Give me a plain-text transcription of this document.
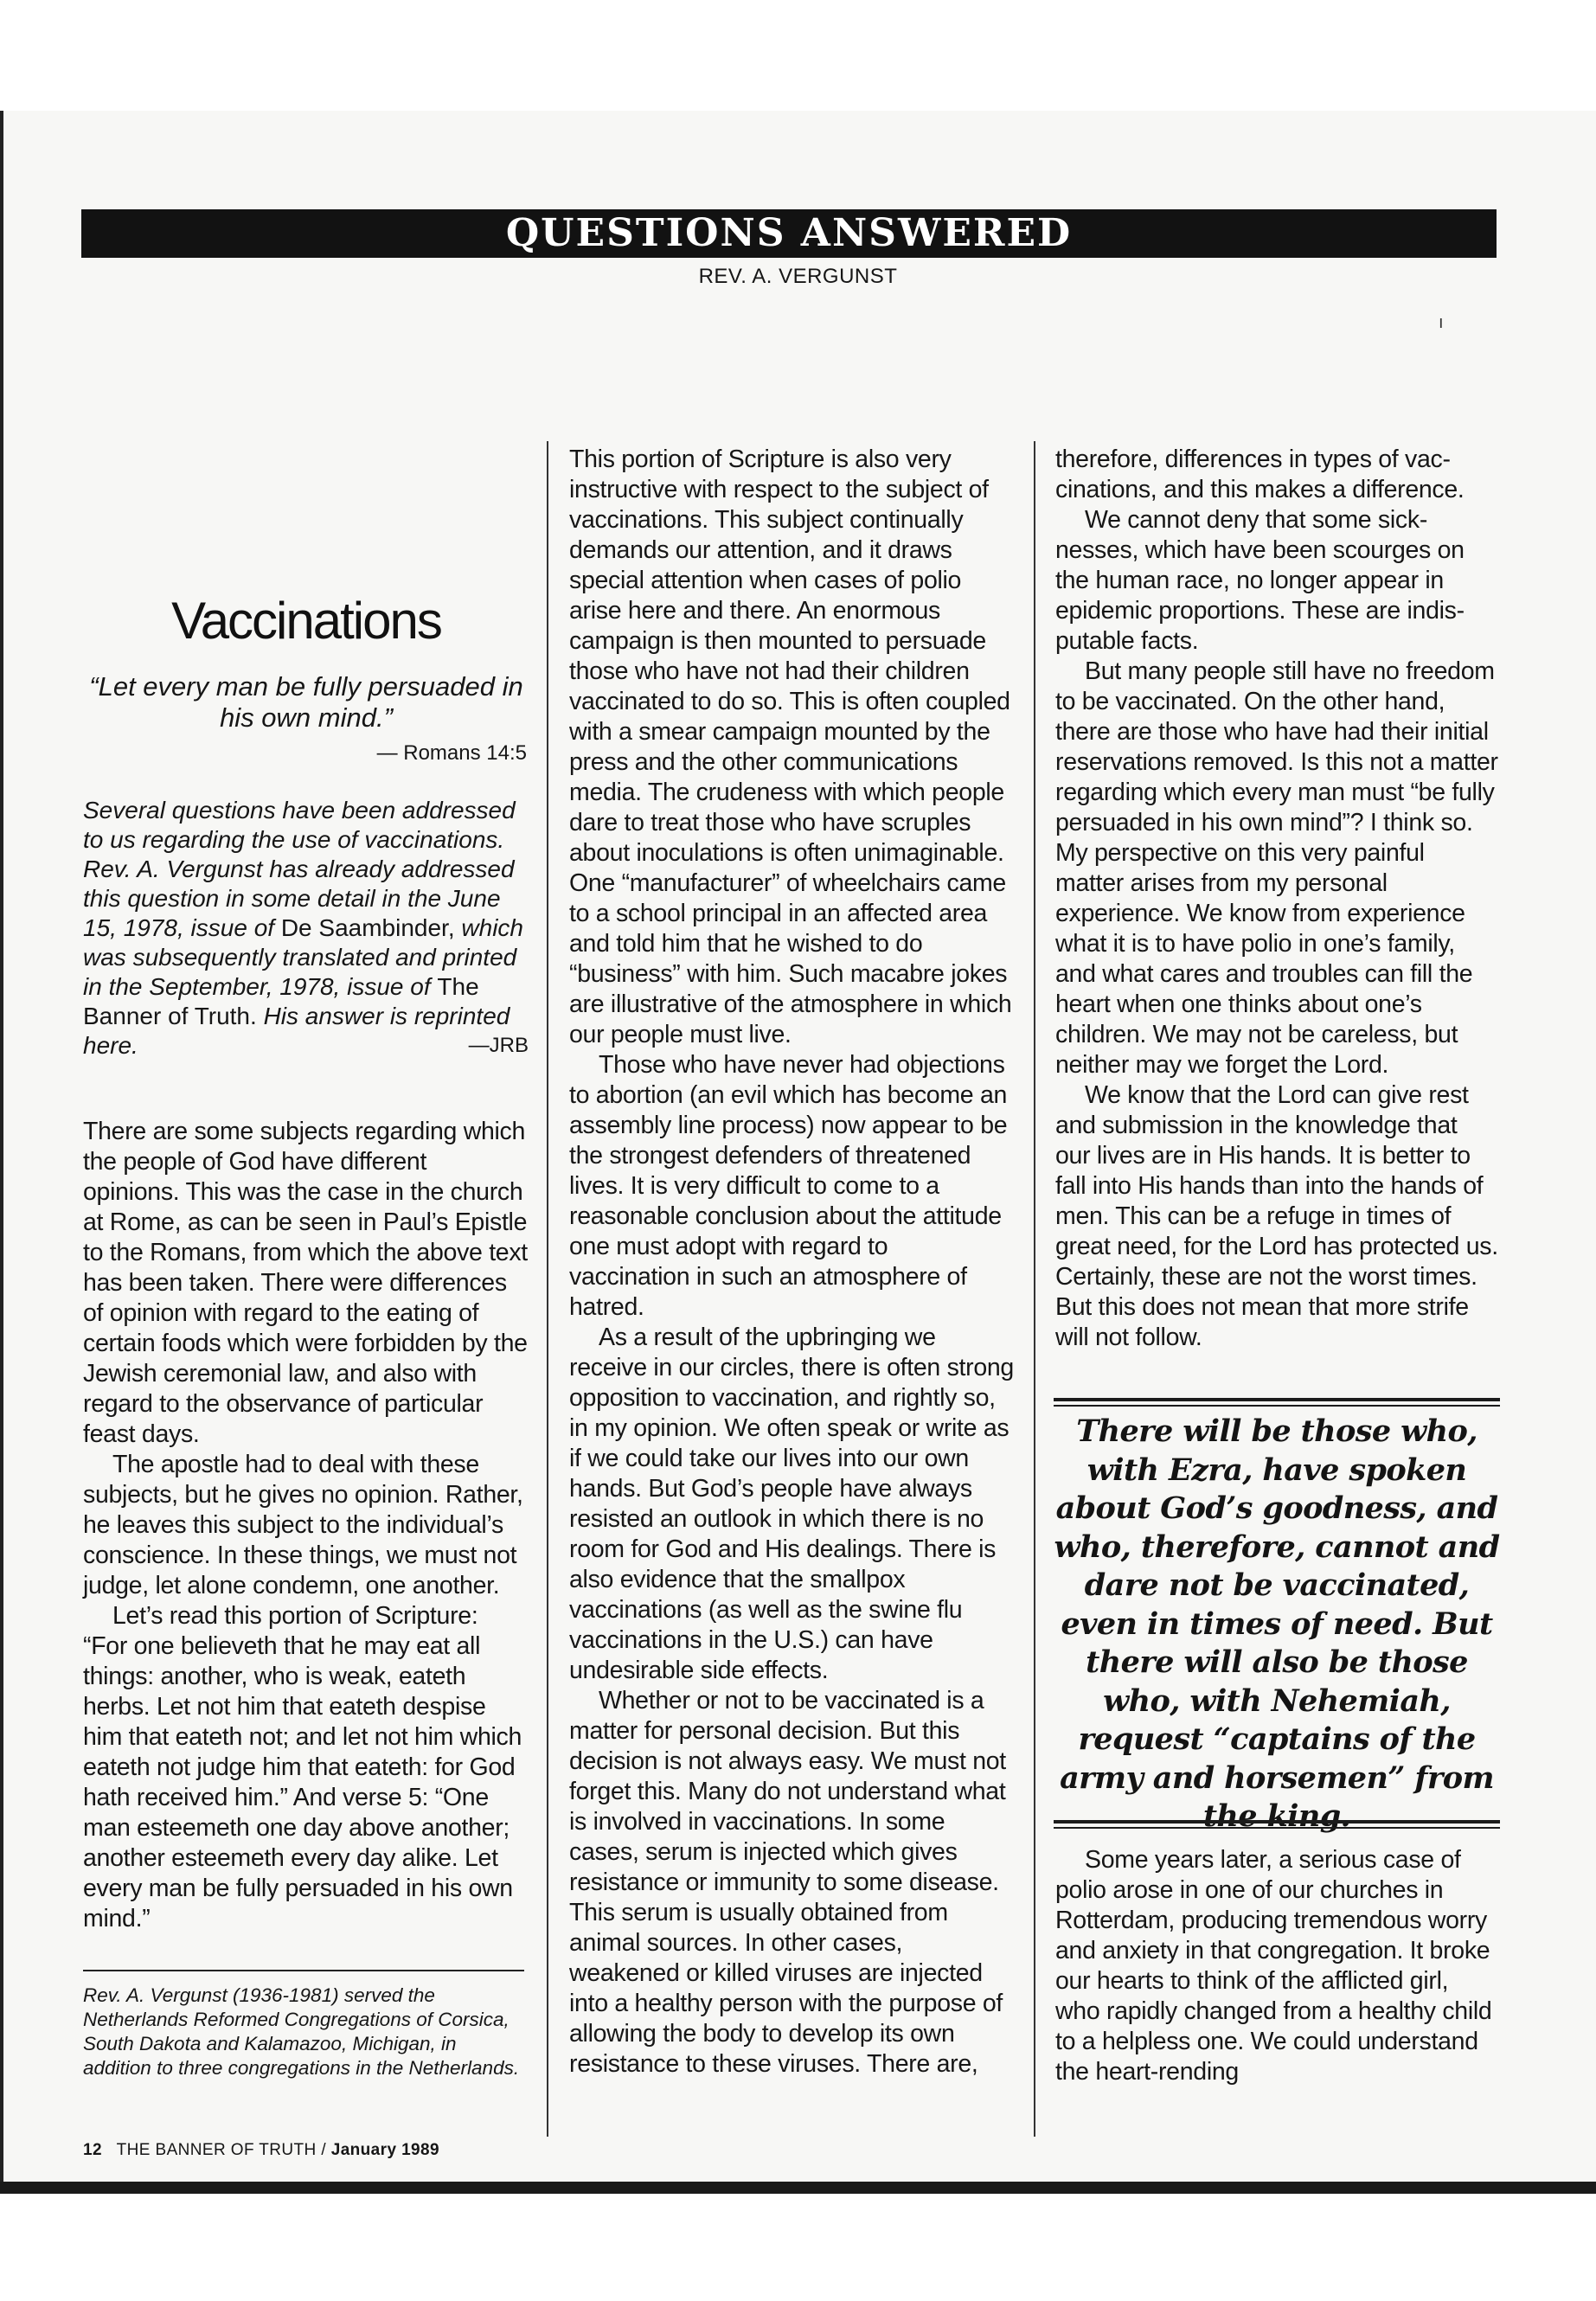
QUESTIONS ANSWERED
REV. A. VERGUNST
ı
Vaccinations
“Let every man be fully persuaded in his own mind.”
— Romans 14:5
Several questions have been addressed to us regarding the use of vaccinations. Rev. A. Vergunst has already addressed this question in some detail in the June 15, 1978, issue of De Saambinder, which was subsequently translated and printed in the September, 1978, issue of The Banner of Truth. His answer is reprinted here.	—JRB

There are some subjects regarding which the people of God have different opinions. This was the case in the church at Rome, as can be seen in Paul’s Epistle to the Romans, from which the above text has been taken. There were differences of opinion with regard to the eating of certain foods which were forbidden by the Jewish ceremonial law, and also with regard to the observance of particular feast days.

The apostle had to deal with these subjects, but he gives no opinion. Rather, he leaves this subject to the individual’s conscience. In these things, we must not judge, let alone condemn, one another.

Let’s read this portion of Scripture: “For one believeth that he may eat all things: another, who is weak, eateth herbs. Let not him that eateth despise him that eateth not; and let not him which eateth not judge him that eateth: for God hath received him.” And verse 5: “One man esteemeth one day above another; another esteemeth every day alike. Let every man be fully persuaded in his own mind.”

Rev. A. Vergunst (1936-1981) served the Netherlands Reformed Congregations of Corsica, South Dakota and Kalamazoo, Michigan, in addition to three congregations in the Netherlands.
12 THE BANNER OF TRUTH / January 1989

This portion of Scripture is also very instructive with respect to the subject of vaccinations. This subject continually demands our attention, and it draws special attention when cases of polio arise here and there. An enormous campaign is then mounted to persuade those who have not had their children vaccinated to do so. This is often coupled with a smear campaign mounted by the press and the other communications media. The crudeness with which people dare to treat those who have scruples about inoculations is often unimaginable. One “manufacturer” of wheelchairs came to a school principal in an affected area and told him that he wished to do “business” with him. Such macabre jokes are illustrative of the atmosphere in which our people must live.

Those who have never had objections to abortion (an evil which has become an assembly line process) now appear to be the strongest defenders of threatened lives. It is very difficult to come to a reasonable conclusion about the attitude one must adopt with regard to vaccination in such an atmosphere of hatred.

As a result of the upbringing we receive in our circles, there is often strong opposition to vaccination, and rightly so, in my opinion. We often speak or write as if we could take our lives into our own hands. But God’s people have always resisted an outlook in which there is no room for God and His dealings. There is also evidence that the smallpox vaccinations (as well as the swine flu vaccinations in the U.S.) can have undesirable side effects.

Whether or not to be vaccinated is a matter for personal decision. But this decision is not always easy. We must not forget this. Many do not understand what is involved in vaccinations. In some cases, serum is injected which gives resistance or immunity to some disease. This serum is usually obtained from animal sources. In other cases, weakened or killed viruses are injected into a healthy person with the purpose of allowing the body to develop its own resistance to these viruses. There are,

therefore, differences in types of vaccinations, and this makes a difference.

We cannot deny that some sicknesses, which have been scourges on the human race, no longer appear in epidemic proportions. These are indisputable facts.

But many people still have no freedom to be vaccinated. On the other hand, there are those who have had their initial reservations removed. Is this not a matter regarding which every man must “be fully persuaded in his own mind”? I think so. My perspective on this very painful matter arises from my personal experience. We know from experience what it is to have polio in one’s family, and what cares and troubles can fill the heart when one thinks about one’s children. We may not be careless, but neither may we forget the Lord.

We know that the Lord can give rest and submission in the knowledge that our lives are in His hands. It is better to fall into His hands than into the hands of men. This can be a refuge in times of great need, for the Lord has protected us. Certainly, these are not the worst times. But this does not mean that more strife will not follow.

There will be those who, with Ezra, have spoken about God’s goodness, and who, therefore, cannot and dare not be vaccinated, even in times of need. But there will also be those who, with Nehemiah, request “captains of the army and horsemen” from the king.

Some years later, a serious case of polio arose in one of our churches in Rotterdam, producing tremendous worry and anxiety in that congregation. It broke our hearts to think of the afflicted girl, who rapidly changed from a healthy child to a helpless one. We could understand the heart-rending
